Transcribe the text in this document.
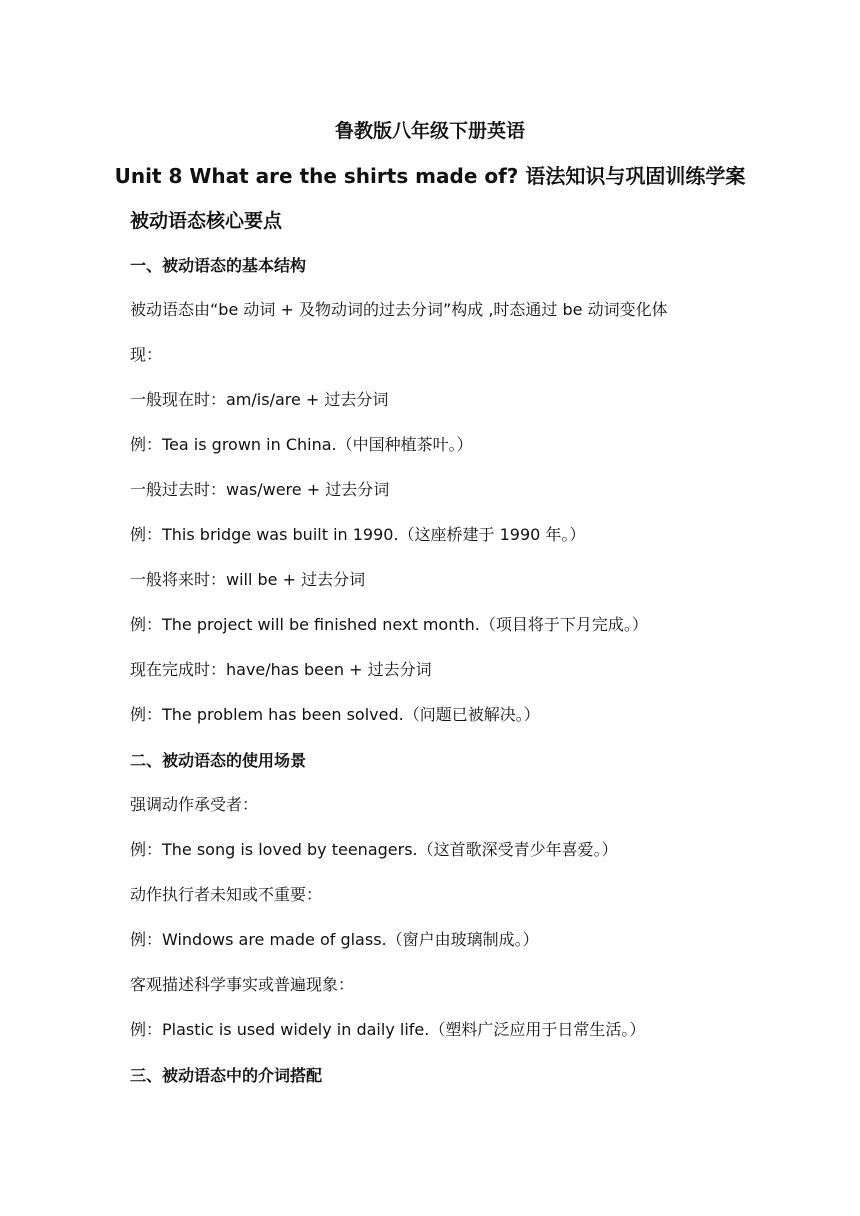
鲁教版八年级下册英语
Unit 8 What are the shirts made of? 语法知识与巩固训练学案
被动语态核心要点
一、被动语态的基本结构
被动语态由“be 动词 + 及物动词的过去分词”构成 ,时态通过 be 动词变化体
现：
一般现在时：am/is/are + 过去分词
例：Tea is grown in China.（中国种植茶叶。）
一般过去时：was/were + 过去分词
例：This bridge was built in 1990.（这座桥建于 1990 年。）
一般将来时：will be + 过去分词
例：The project will be finished next month.（项目将于下月完成。）
现在完成时：have/has been + 过去分词
例：The problem has been solved.（问题已被解决。）
二、被动语态的使用场景
强调动作承受者：
例：The song is loved by teenagers.（这首歌深受青少年喜爱。）
动作执行者未知或不重要：
例：Windows are made of glass.（窗户由玻璃制成。）
客观描述科学事实或普遍现象：
例：Plastic is used widely in daily life.（塑料广泛应用于日常生活。）
三、被动语态中的介词搭配
